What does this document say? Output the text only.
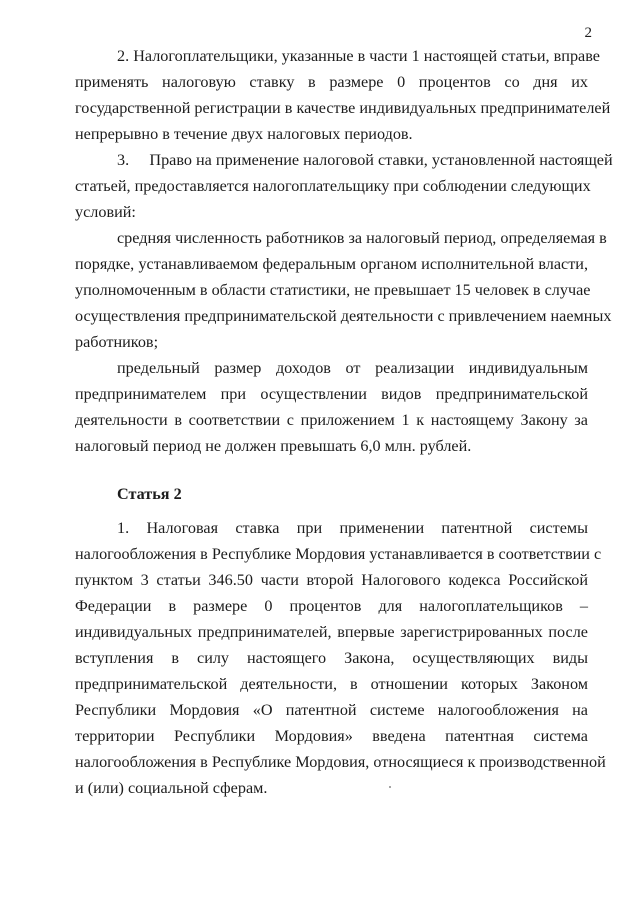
2
2. Налогоплательщики, указанные в части 1 настоящей статьи, вправе
применять налоговую ставку в размере 0 процентов со дня их
государственной регистрации в качестве индивидуальных предпринимателей
непрерывно в течение двух налоговых периодов.
3.     Право на применение налоговой ставки, установленной настоящей
статьей, предоставляется налогоплательщику при соблюдении следующих
условий:
средняя численность работников за налоговый период, определяемая в
порядке, устанавливаемом федеральным органом исполнительной власти,
уполномоченным в области статистики, не превышает 15 человек в случае
осуществления предпринимательской деятельности с привлечением наемных
работников;
предельный размер доходов от реализации индивидуальным
предпринимателем при осуществлении видов предпринимательской
деятельности в соответствии с приложением 1 к настоящему Закону за
налоговый период не должен превышать 6,0 млн. рублей.
Статья 2
1. Налоговая ставка при применении патентной системы
налогообложения в Республике Мордовия устанавливается в соответствии с
пунктом 3 статьи 346.50 части второй Налогового кодекса Российской
Федерации в размере 0 процентов для налогоплательщиков –
индивидуальных предпринимателей, впервые зарегистрированных после
вступления в силу настоящего Закона, осуществляющих виды
предпринимательской деятельности, в отношении которых Законом
Республики Мордовия «О патентной системе налогообложения на
территории Республики Мордовия» введена патентная система
налогообложения в Республике Мордовия, относящиеся к производственной
и (или) социальной сферам.
